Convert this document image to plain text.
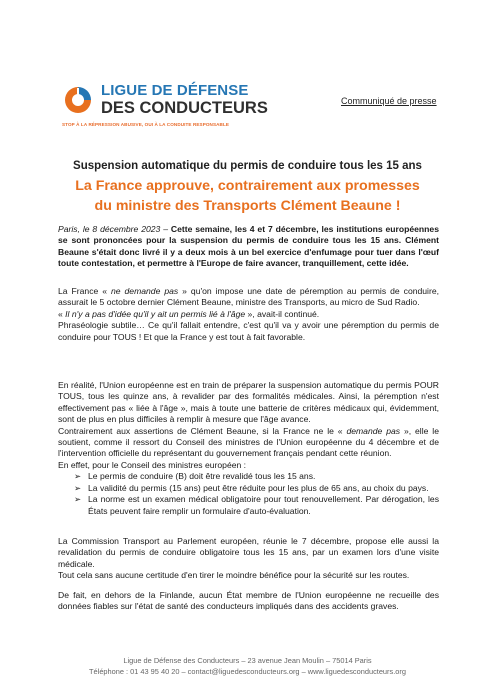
LIGUE DE DÉFENSE
DES CONDUCTEURS
STOP À LA RÉPRESSION ABUSIVE, OUI À LA CONDUITE RESPONSABLE
Communiqué de presse
Suspension automatique du permis de conduire tous les 15 ans
La France approuve, contrairement aux promesses
du ministre des Transports Clément Beaune !

Paris, le 8 décembre 2023 – Cette semaine, les 4 et 7 décembre, les institutions européennes se sont prononcées pour la suspension du permis de conduire tous les 15 ans. Clément Beaune s'était donc livré il y a deux mois à un bel exercice d'enfumage pour tuer dans l'œuf toute contestation, et permettre à l'Europe de faire avancer, tranquillement, cette idée.

La France « ne demande pas » qu'on impose une date de péremption au permis de conduire, assurait le 5 octobre dernier Clément Beaune, ministre des Transports, au micro de Sud Radio.

« Il n'y a pas d'idée qu'il y ait un permis lié à l'âge », avait-il continué.

Phraséologie subtile… Ce qu'il fallait entendre, c'est qu'il va y avoir une péremption du permis de conduire pour TOUS ! Et que la France y est tout à fait favorable.

En réalité, l'Union européenne est en train de préparer la suspension automatique du permis POUR TOUS, tous les quinze ans, à revalider par des formalités médicales. Ainsi, la péremption n'est effectivement pas « liée à l'âge », mais à toute une batterie de critères médicaux qui, évidemment, sont de plus en plus difficiles à remplir à mesure que l'âge avance.

Contrairement aux assertions de Clément Beaune, si la France ne le « demande pas », elle le soutient, comme il ressort du Conseil des ministres de l'Union européenne du 4 décembre et de l'intervention officielle du représentant du gouvernement français pendant cette réunion.

En effet, pour le Conseil des ministres européen :

➢ Le permis de conduire (B) doit être revalidé tous les 15 ans.
➢ La validité du permis (15 ans) peut être réduite pour les plus de 65 ans, au choix du pays.
➢ La norme est un examen médical obligatoire pour tout renouvellement. Par dérogation, les États peuvent faire remplir un formulaire d'auto-évaluation.

La Commission Transport au Parlement européen, réunie le 7 décembre, propose elle aussi la revalidation du permis de conduire obligatoire tous les 15 ans, par un examen lors d'une visite médicale.

Tout cela sans aucune certitude d'en tirer le moindre bénéfice pour la sécurité sur les routes.

De fait, en dehors de la Finlande, aucun État membre de l'Union européenne ne recueille des données fiables sur l'état de santé des conducteurs impliqués dans des accidents graves.

Ligue de Défense des Conducteurs – 23 avenue Jean Moulin – 75014 Paris
Téléphone : 01 43 95 40 20 – contact@liguedesconducteurs.org – www.liguedesconducteurs.org
